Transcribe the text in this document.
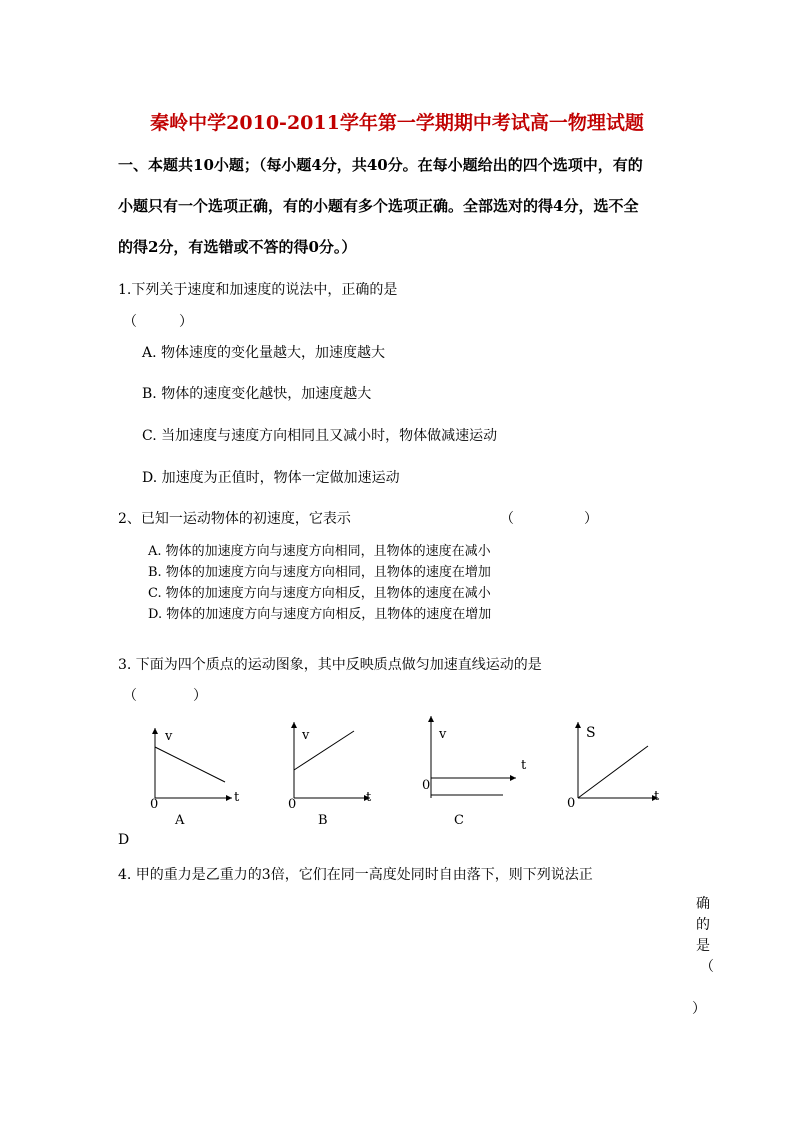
秦岭中学2010-2011学年第一学期期中考试高一物理试题
一、本题共10小题；（每小题4分，共40分。在每小题给出的四个选项中，有的
小题只有一个选项正确，有的小题有多个选项正确。全部选对的得4分，选不全
的得2分，有选错或不答的得0分。）
1.下列关于速度和加速度的说法中，正确的是
（　　　）
A. 物体速度的变化量越大，加速度越大
B. 物体的速度变化越快，加速度越大
C. 当加速度与速度方向相同且又减小时，物体做减速运动
D. 加速度为正值时，物体一定做加速运动
2、已知一运动物体的初速度，它表示	（　　　　　）
A. 物体的加速度方向与速度方向相同，且物体的速度在减小
B. 物体的加速度方向与速度方向相同，且物体的速度在增加
C. 物体的加速度方向与速度方向相反，且物体的速度在减小
D. 物体的加速度方向与速度方向相反，且物体的速度在增加
3. 下面为四个质点的运动图象，其中反映质点做匀加速直线运动的是
（　　　　）
v
t
0
A
v
t
0
B
v
t
0
C
S
t
0
D
4. 甲的重力是乙重力的3倍，它们在同一高度处同时自由落下，则下列说法正
确
的
是
（
）
